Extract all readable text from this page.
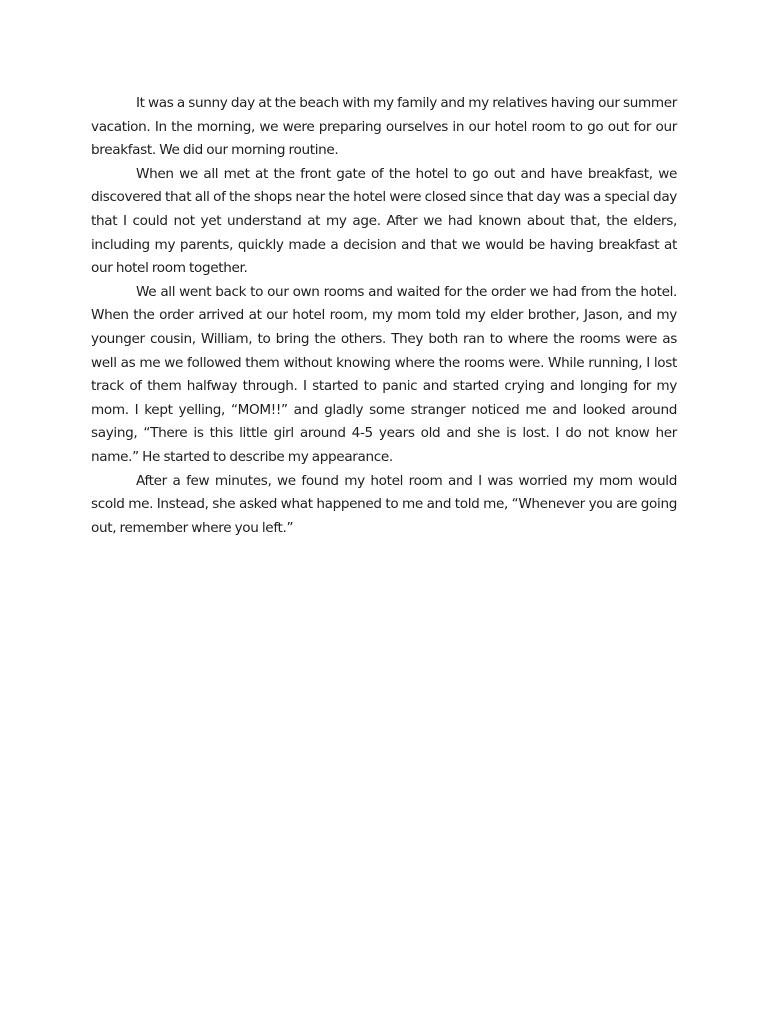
It was a sunny day at the beach with my family and my relatives having our summer vacation. In the morning, we were preparing ourselves in our hotel room to go out for our breakfast. We did our morning routine.

When we all met at the front gate of the hotel to go out and have breakfast, we discovered that all of the shops near the hotel were closed since that day was a special day that I could not yet understand at my age. After we had known about that, the elders, including my parents, quickly made a decision and that we would be having breakfast at our hotel room together.

We all went back to our own rooms and waited for the order we had from the hotel. When the order arrived at our hotel room, my mom told my elder brother, Jason, and my younger cousin, William, to bring the others. They both ran to where the rooms were as well as me we followed them without knowing where the rooms were. While running, I lost track of them halfway through. I started to panic and started crying and longing for my mom. I kept yelling, “MOM!!” and gladly some stranger noticed me and looked around saying, “There is this little girl around 4-5 years old and she is lost. I do not know her name.” He started to describe my appearance.

After a few minutes, we found my hotel room and I was worried my mom would scold me. Instead, she asked what happened to me and told me, “Whenever you are going out, remember where you left.”
